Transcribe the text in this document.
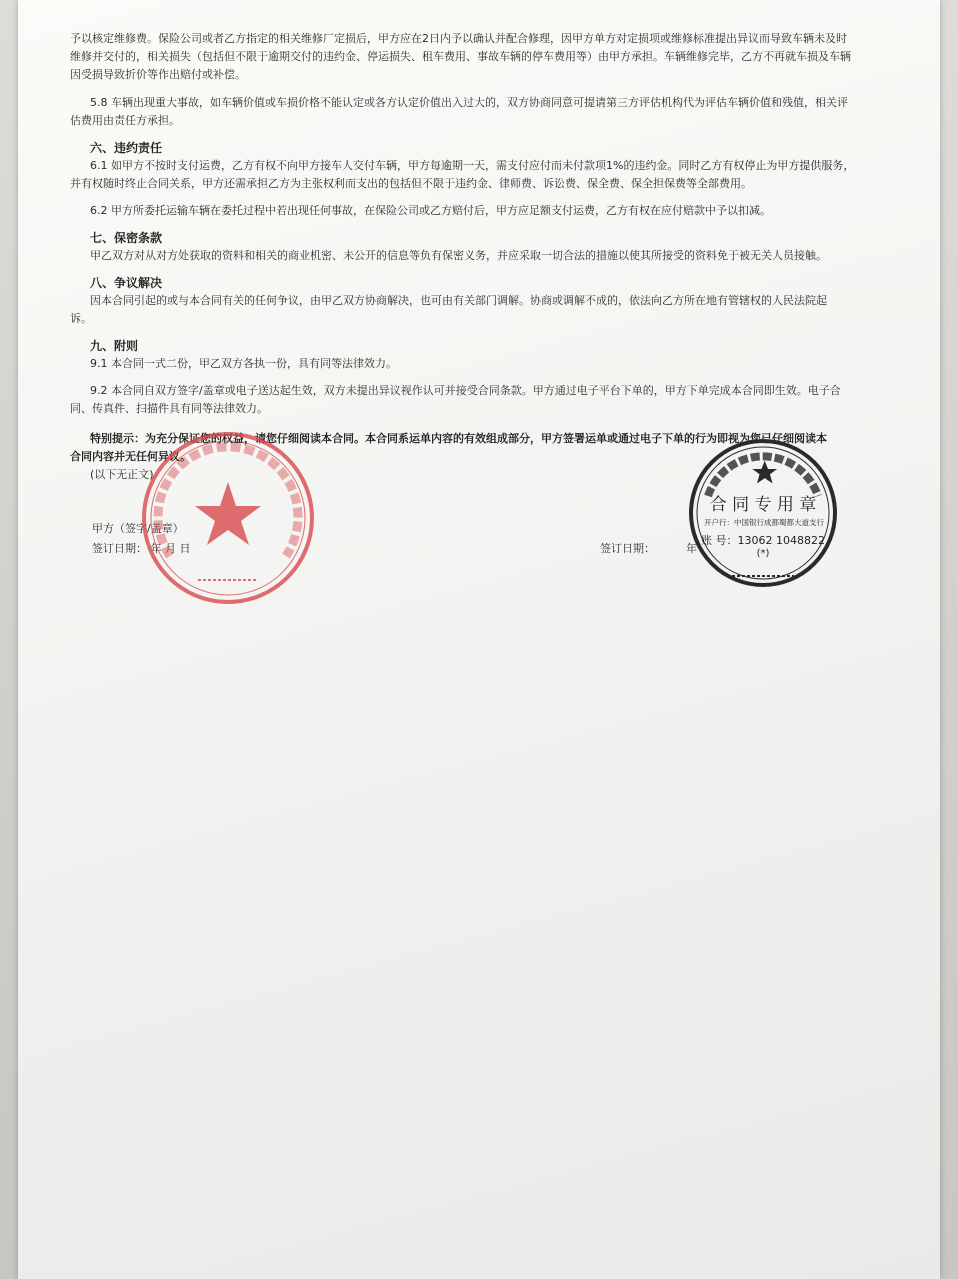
予以核定维修费。保险公司或者乙方指定的相关维修厂定损后，甲方应在2日内予以确认并配合修理，因甲方单方对定损项或维修标准提出异议而导致车辆未及时
维修并交付的，相关损失（包括但不限于逾期交付的违约金、停运损失、租车费用、事故车辆的停车费用等）由甲方承担。车辆维修完毕，乙方不再就车损及车辆
因受损导致折价等作出赔付或补偿。
5.8 车辆出现重大事故，如车辆价值或车损价格不能认定或各方认定价值出入过大的，双方协商同意可提请第三方评估机构代为评估车辆价值和残值，相关评
估费用由责任方承担。
六、违约责任
6.1 如甲方不按时支付运费，乙方有权不向甲方接车人交付车辆，甲方每逾期一天，需支付应付而未付款项1%的违约金。同时乙方有权停止为甲方提供服务，
并有权随时终止合同关系，甲方还需承担乙方为主张权利而支出的包括但不限于违约金、律师费、诉讼费、保全费、保全担保费等全部费用。
6.2 甲方所委托运输车辆在委托过程中若出现任何事故，在保险公司或乙方赔付后，甲方应足额支付运费，乙方有权在应付赔款中予以扣减。
七、保密条款
甲乙双方对从对方处获取的资料和相关的商业机密、未公开的信息等负有保密义务，并应采取一切合法的措施以使其所接受的资料免于被无关人员接触。
八、争议解决
因本合同引起的或与本合同有关的任何争议，由甲乙双方协商解决，也可由有关部门调解。协商或调解不成的，依法向乙方所在地有管辖权的人民法院起
诉。
九、附则
9.1 本合同一式二份，甲乙双方各执一份，具有同等法律效力。
9.2 本合同自双方签字/盖章或电子送达起生效，双方未提出异议视作认可并接受合同条款。甲方通过电子平台下单的，甲方下单完成本合同即生效。电子合
同、传真件、扫描件具有同等法律效力。
特别提示：为充分保证您的权益，请您仔细阅读本合同。本合同系运单内容的有效组成部分，甲方签署运单或通过电子下单的行为即视为您已仔细阅读本
合同内容并无任何异议。
(以下无正文)
甲方（签字/盖章）
签订日期： 年 月 日	签订日期：	年
合 同 专 用 章
开户行：中国银行成都蜀都大道支行
账 号：13062 1048822
(*)
